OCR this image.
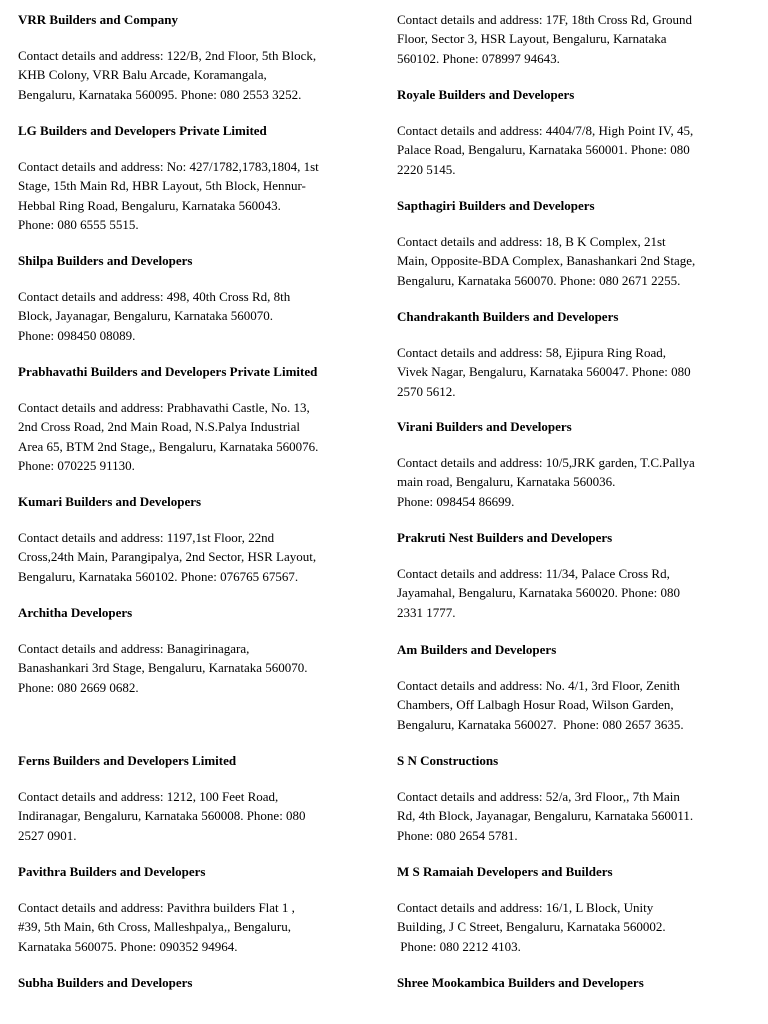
VRR Builders and Company
Contact details and address: 122/B, 2nd Floor, 5th Block,
KHB Colony, VRR Balu Arcade, Koramangala,
Bengaluru, Karnataka 560095. Phone: 080 2553 3252.
LG Builders and Developers Private Limited
Contact details and address: No: 427/1782,1783,1804, 1st
Stage, 15th Main Rd, HBR Layout, 5th Block, Hennur-
Hebbal Ring Road, Bengaluru, Karnataka 560043.
Phone: 080 6555 5515.
Shilpa Builders and Developers
Contact details and address: 498, 40th Cross Rd, 8th
Block, Jayanagar, Bengaluru, Karnataka 560070.
Phone: 098450 08089.
Prabhavathi Builders and Developers Private Limited
Contact details and address: Prabhavathi Castle, No. 13,
2nd Cross Road, 2nd Main Road, N.S.Palya Industrial
Area 65, BTM 2nd Stage,, Bengaluru, Karnataka 560076.
Phone: 070225 91130.
Kumari Builders and Developers
Contact details and address: 1197,1st Floor, 22nd
Cross,24th Main, Parangipalya, 2nd Sector, HSR Layout,
Bengaluru, Karnataka 560102. Phone: 076765 67567.
Architha Developers
Contact details and address: Banagirinagara,
Banashankari 3rd Stage, Bengaluru, Karnataka 560070.
Phone: 080 2669 0682.
Ferns Builders and Developers Limited
Contact details and address: 1212, 100 Feet Road,
Indiranagar, Bengaluru, Karnataka 560008. Phone: 080
2527 0901.
Pavithra Builders and Developers
Contact details and address: Pavithra builders Flat 1 ,
#39, 5th Main, 6th Cross, Malleshpalya,, Bengaluru,
Karnataka 560075. Phone: 090352 94964.
Subha Builders and Developers
Contact details and address: 17F, 18th Cross Rd, Ground
Floor, Sector 3, HSR Layout, Bengaluru, Karnataka
560102. Phone: 078997 94643.
Royale Builders and Developers
Contact details and address: 4404/7/8, High Point IV, 45,
Palace Road, Bengaluru, Karnataka 560001. Phone: 080
2220 5145.
Sapthagiri Builders and Developers
Contact details and address: 18, B K Complex, 21st
Main, Opposite-BDA Complex, Banashankari 2nd Stage,
Bengaluru, Karnataka 560070. Phone: 080 2671 2255.
Chandrakanth Builders and Developers
Contact details and address: 58, Ejipura Ring Road,
Vivek Nagar, Bengaluru, Karnataka 560047. Phone: 080
2570 5612.
Virani Builders and Developers
Contact details and address: 10/5,JRK garden, T.C.Pallya
main road, Bengaluru, Karnataka 560036.
Phone: 098454 86699.
Prakruti Nest Builders and Developers
Contact details and address: 11/34, Palace Cross Rd,
Jayamahal, Bengaluru, Karnataka 560020. Phone: 080
2331 1777.
Am Builders and Developers
Contact details and address: No. 4/1, 3rd Floor, Zenith
Chambers, Off Lalbagh Hosur Road, Wilson Garden,
Bengaluru, Karnataka 560027.  Phone: 080 2657 3635.
S N Constructions
Contact details and address: 52/a, 3rd Floor,, 7th Main
Rd, 4th Block, Jayanagar, Bengaluru, Karnataka 560011.
Phone: 080 2654 5781.
M S Ramaiah Developers and Builders
Contact details and address: 16/1, L Block, Unity
Building, J C Street, Bengaluru, Karnataka 560002.
Phone: 080 2212 4103.
Shree Mookambica Builders and Developers
